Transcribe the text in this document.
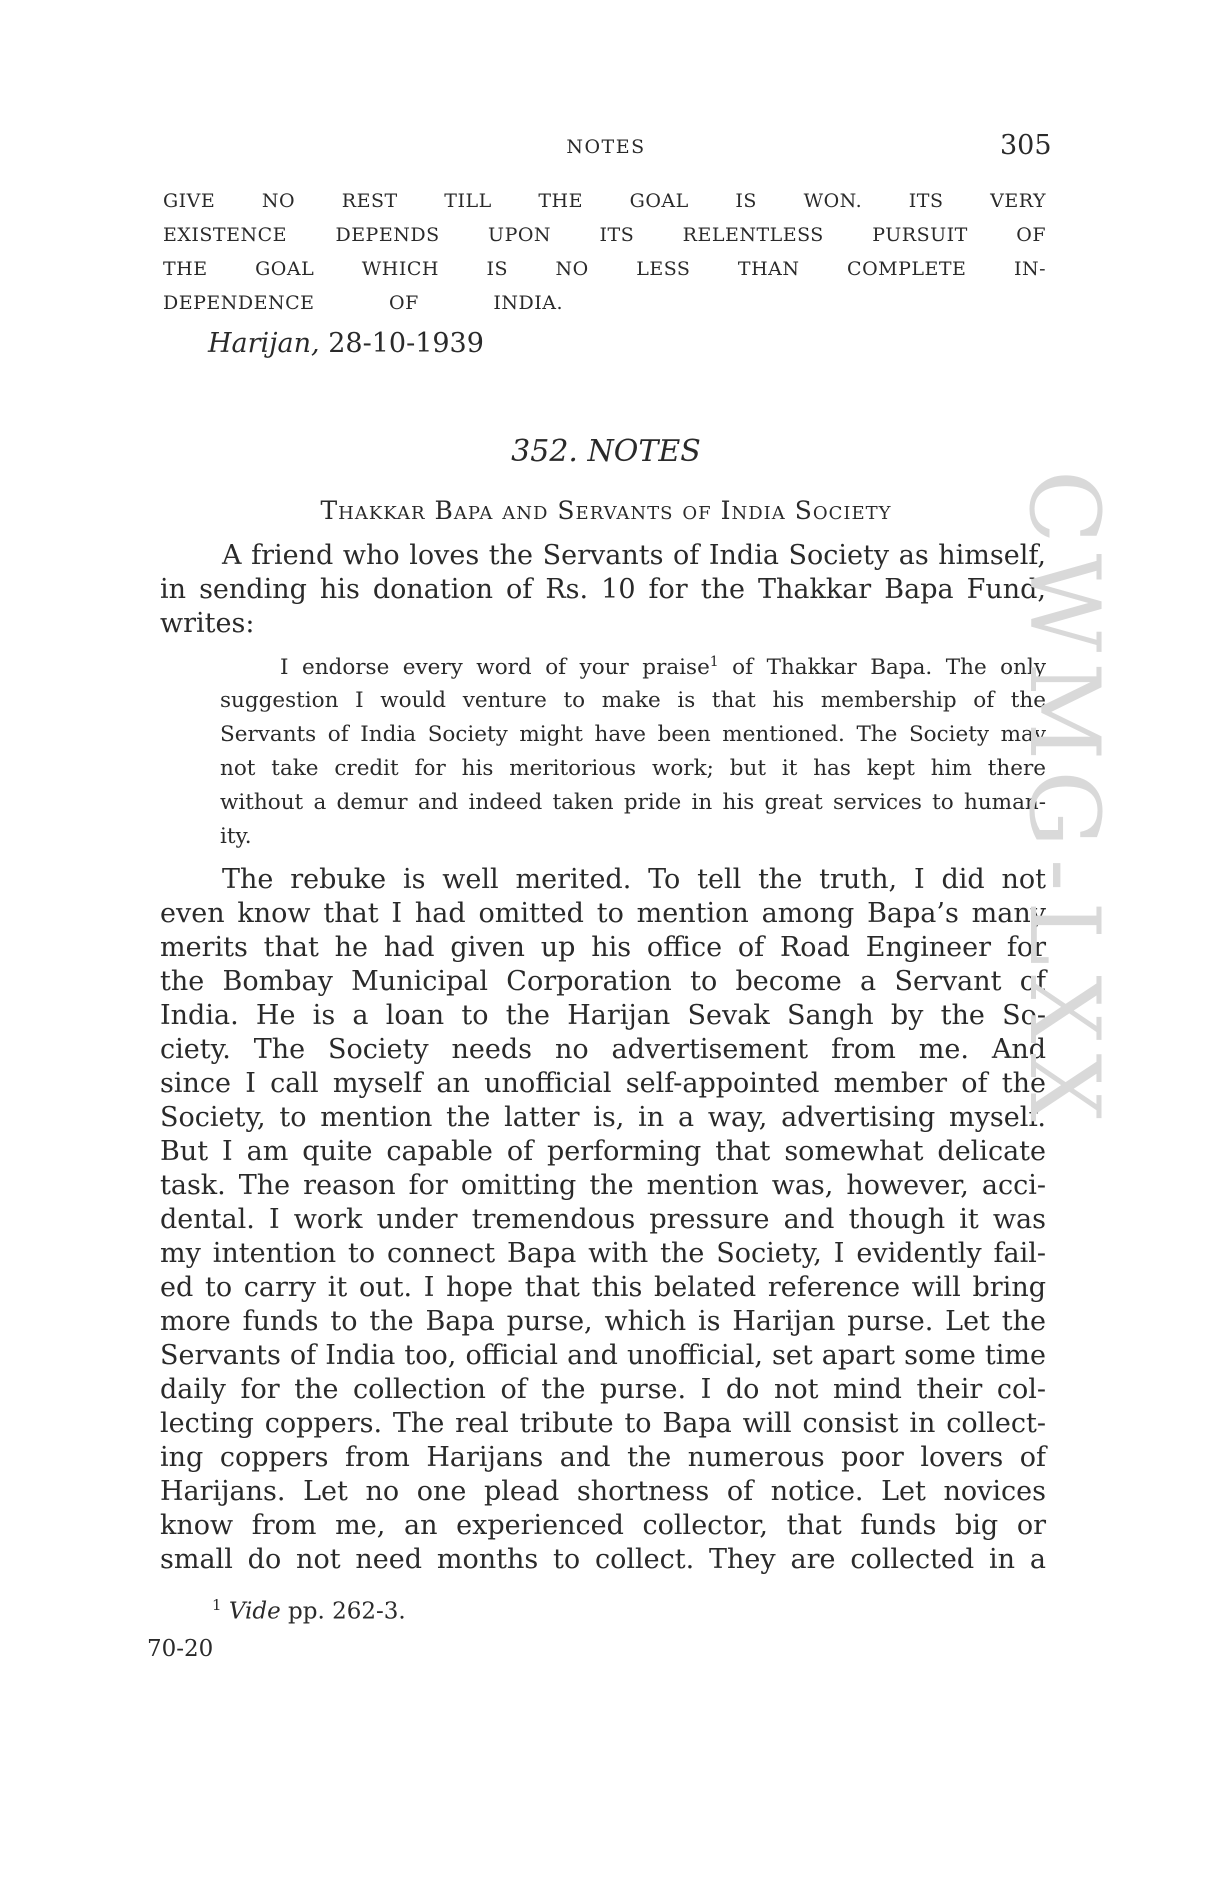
NOTES	305
GIVE NO REST TILL THE GOAL IS WON. ITS VERY
EXISTENCE DEPENDS UPON ITS RELENTLESS PURSUIT OF
THE GOAL WHICH IS NO LESS THAN COMPLETE IN-
DEPENDENCE OF INDIA.
Harijan, 28-10-1939
352. NOTES
Thakkar Bapa and Servants of India Society
A friend who loves the Servants of India Society as himself,
in sending his donation of Rs. 10 for the Thakkar Bapa Fund,
writes:
I endorse every word of your praise$^1$ of Thakkar Bapa. The only
suggestion I would venture to make is that his membership of the
Servants of India Society might have been mentioned. The Society may
not take credit for his meritorious work; but it has kept him there
without a demur and indeed taken pride in his great services to human-
ity.
The rebuke is well merited. To tell the truth, I did not
even know that I had omitted to mention among Bapa’s many
merits that he had given up his office of Road Engineer for
the Bombay Municipal Corporation to become a Servant of
India. He is a loan to the Harijan Sevak Sangh by the So-
ciety. The Society needs no advertisement from me. And
since I call myself an unofficial self-appointed member of the
Society, to mention the latter is, in a way, advertising myself.
But I am quite capable of performing that somewhat delicate
task. The reason for omitting the mention was, however, acci-
dental. I work under tremendous pressure and though it was
my intention to connect Bapa with the Society, I evidently fail-
ed to carry it out. I hope that this belated reference will bring
more funds to the Bapa purse, which is Harijan purse. Let the
Servants of India too, official and unofficial, set apart some time
daily for the collection of the purse. I do not mind their col-
lecting coppers. The real tribute to Bapa will consist in collect-
ing coppers from Harijans and the numerous poor lovers of
Harijans. Let no one plead shortness of notice. Let novices
know from me, an experienced collector, that funds big or
small do not need months to collect. They are collected in a
$^1$ Vide pp. 262-3.
70-20
CWMG-LXX
